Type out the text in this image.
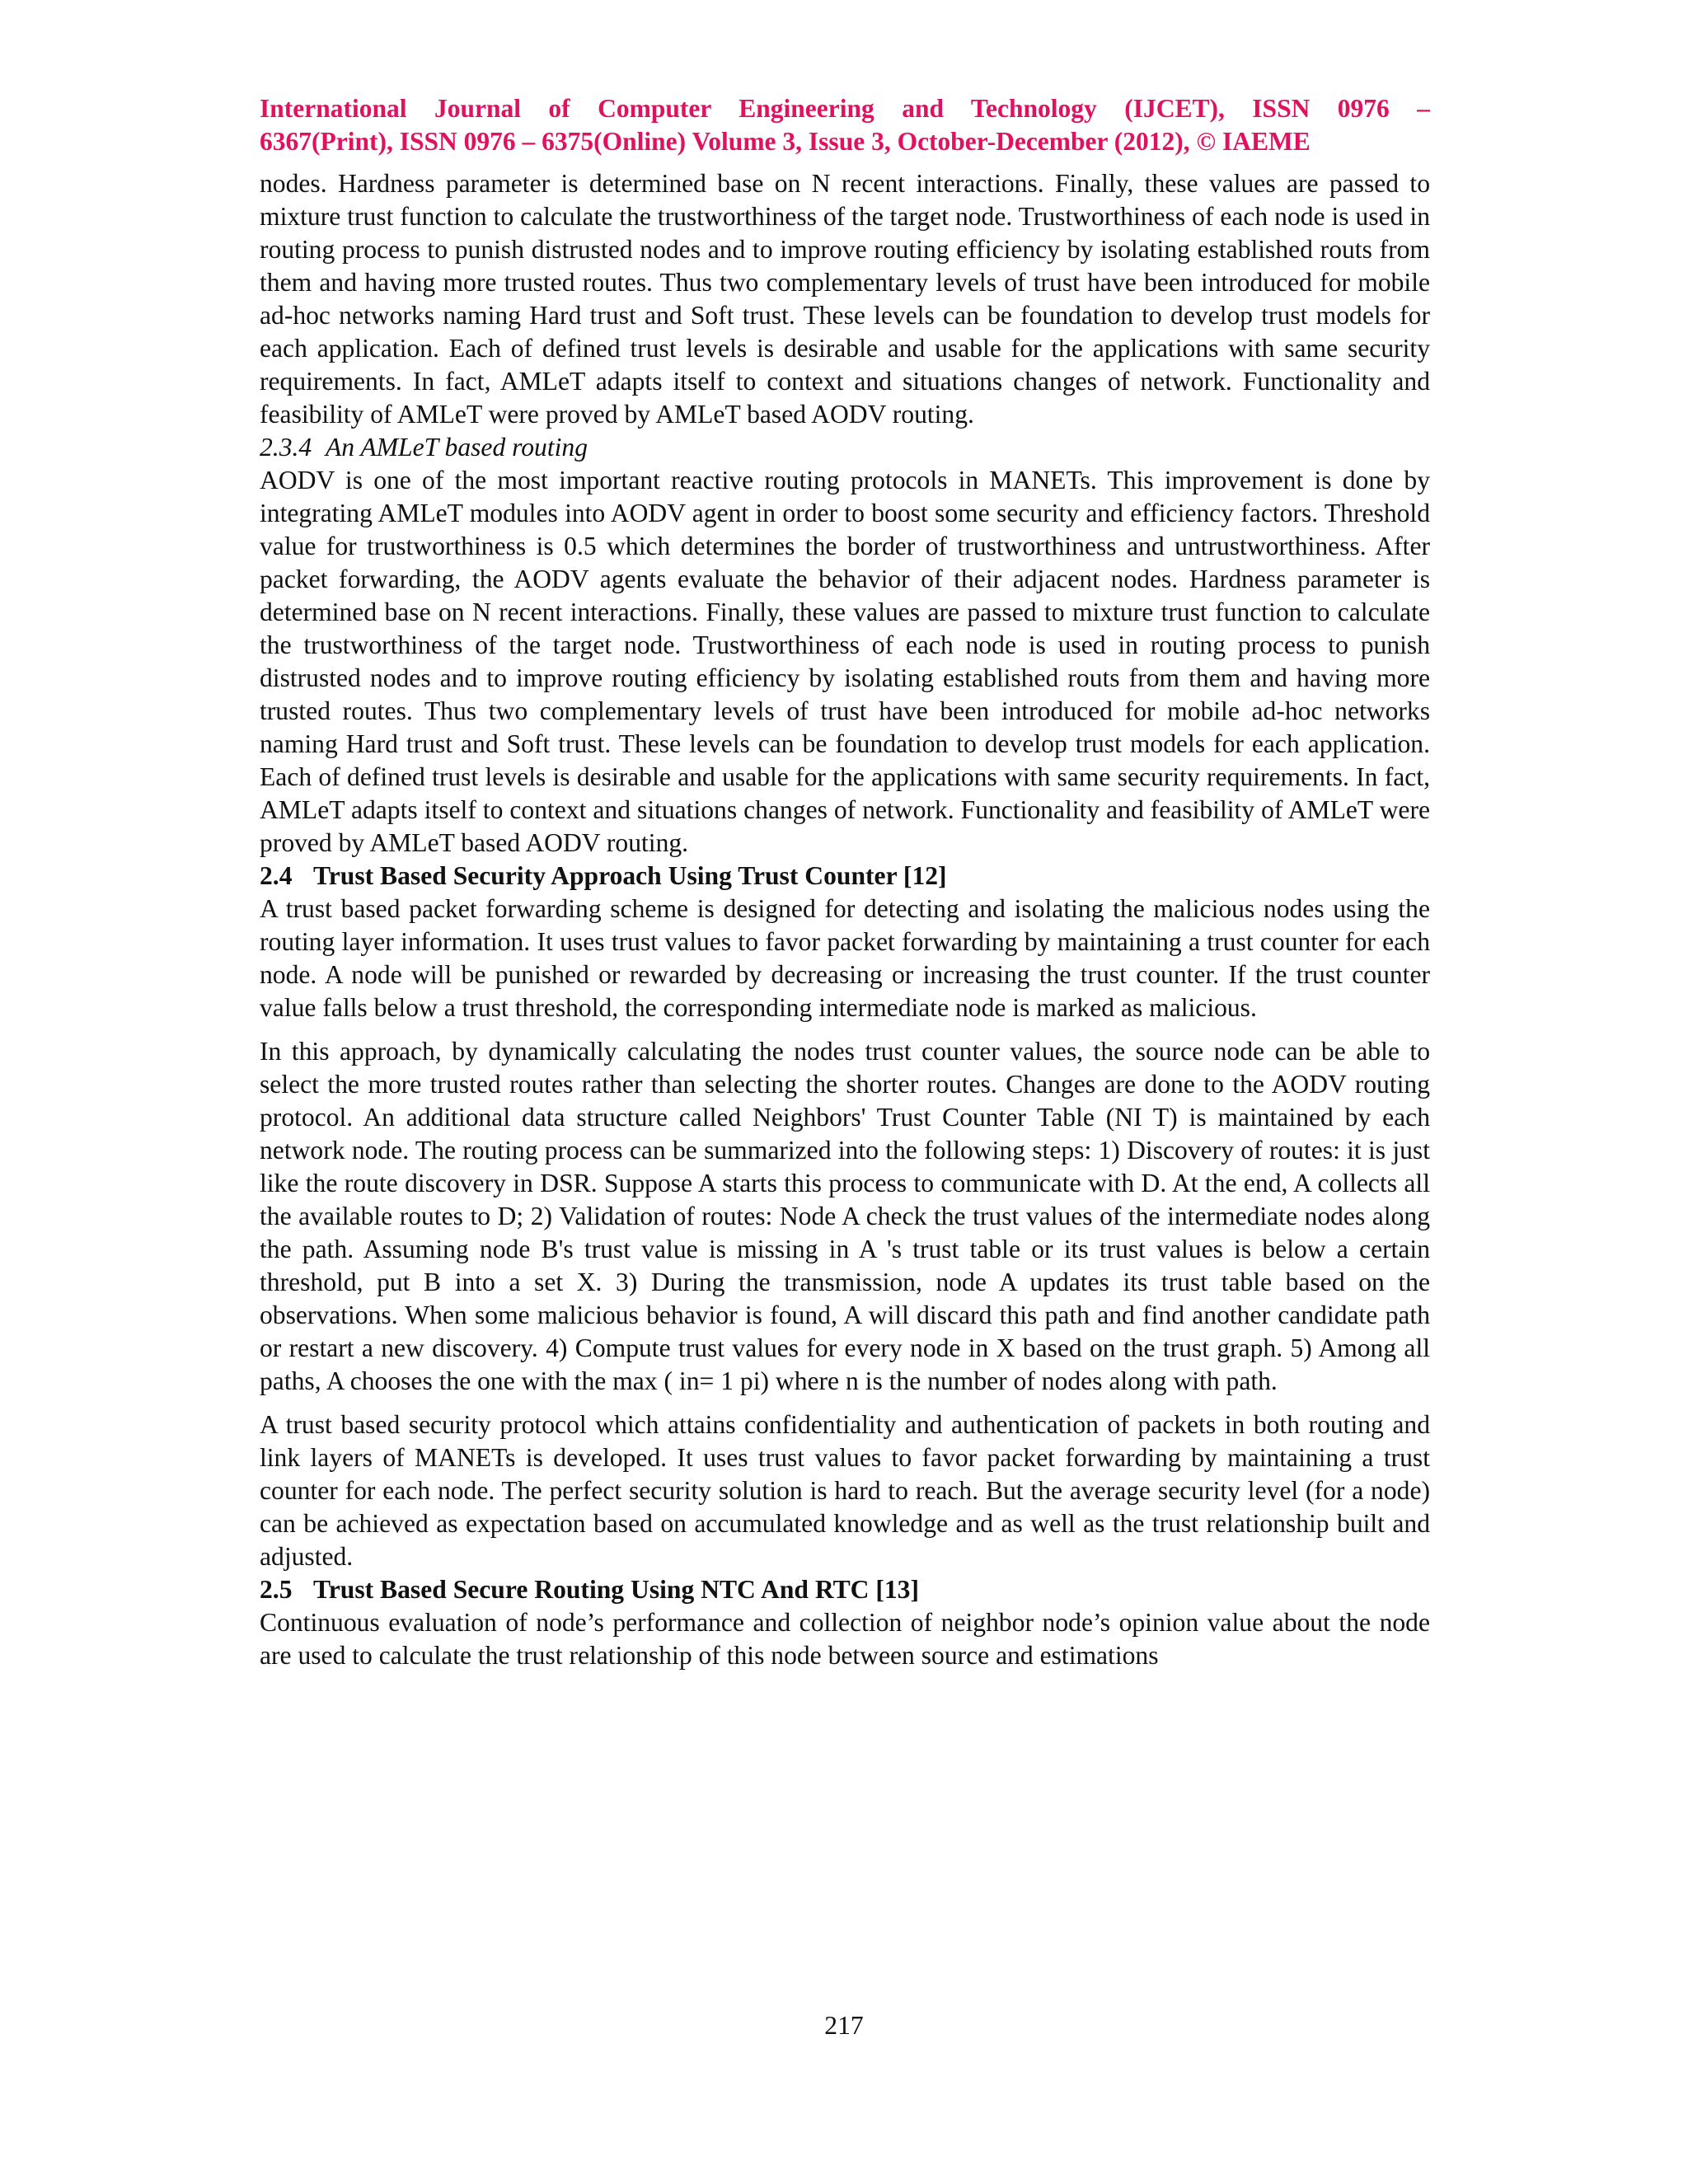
International Journal of Computer Engineering and Technology (IJCET), ISSN 0976 –
6367(Print), ISSN 0976 – 6375(Online) Volume 3, Issue 3, October-December (2012), © IAEME

nodes. Hardness parameter is determined base on N recent interactions. Finally, these values are passed to mixture trust function to calculate the trustworthiness of the target node. Trustworthiness of each node is used in routing process to punish distrusted nodes and to improve routing efficiency by isolating established routs from them and having more trusted routes. Thus two complementary levels of trust have been introduced for mobile ad-hoc networks naming Hard trust and Soft trust. These levels can be foundation to develop trust models for each application. Each of defined trust levels is desirable and usable for the applications with same security requirements. In fact, AMLeT adapts itself to context and situations changes of network. Functionality and feasibility of AMLeT were proved by AMLeT based AODV routing.

2.3.4 An AMLeT based routing

AODV is one of the most important reactive routing protocols in MANETs. This improvement is done by integrating AMLeT modules into AODV agent in order to boost some security and efficiency factors. Threshold value for trustworthiness is 0.5 which determines the border of trustworthiness and untrustworthiness. After packet forwarding, the AODV agents evaluate the behavior of their adjacent nodes. Hardness parameter is determined base on N recent interactions. Finally, these values are passed to mixture trust function to calculate the trustworthiness of the target node. Trustworthiness of each node is used in routing process to punish distrusted nodes and to improve routing efficiency by isolating established routs from them and having more trusted routes. Thus two complementary levels of trust have been introduced for mobile ad-hoc networks naming Hard trust and Soft trust. These levels can be foundation to develop trust models for each application. Each of defined trust levels is desirable and usable for the applications with same security requirements. In fact, AMLeT adapts itself to context and situations changes of network. Functionality and feasibility of AMLeT were proved by AMLeT based AODV routing.

2.4 Trust Based Security Approach Using Trust Counter [12]

A trust based packet forwarding scheme is designed for detecting and isolating the malicious nodes using the routing layer information. It uses trust values to favor packet forwarding by maintaining a trust counter for each node. A node will be punished or rewarded by decreasing or increasing the trust counter. If the trust counter value falls below a trust threshold, the corresponding intermediate node is marked as malicious.

In this approach, by dynamically calculating the nodes trust counter values, the source node can be able to select the more trusted routes rather than selecting the shorter routes. Changes are done to the AODV routing protocol. An additional data structure called Neighbors' Trust Counter Table (NI T) is maintained by each network node. The routing process can be summarized into the following steps: 1) Discovery of routes: it is just like the route discovery in DSR. Suppose A starts this process to communicate with D. At the end, A collects all the available routes to D; 2) Validation of routes: Node A check the trust values of the intermediate nodes along the path. Assuming node B's trust value is missing in A 's trust table or its trust values is below a certain threshold, put B into a set X. 3) During the transmission, node A updates its trust table based on the observations. When some malicious behavior is found, A will discard this path and find another candidate path or restart a new discovery. 4) Compute trust values for every node in X based on the trust graph. 5) Among all paths, A chooses the one with the max ( in= 1 pi) where n is the number of nodes along with path.

A trust based security protocol which attains confidentiality and authentication of packets in both routing and link layers of MANETs is developed. It uses trust values to favor packet forwarding by maintaining a trust counter for each node. The perfect security solution is hard to reach. But the average security level (for a node) can be achieved as expectation based on accumulated knowledge and as well as the trust relationship built and adjusted.

2.5 Trust Based Secure Routing Using NTC And RTC [13]

Continuous evaluation of node’s performance and collection of neighbor node’s opinion value about the node are used to calculate the trust relationship of this node between source and estimations

217
